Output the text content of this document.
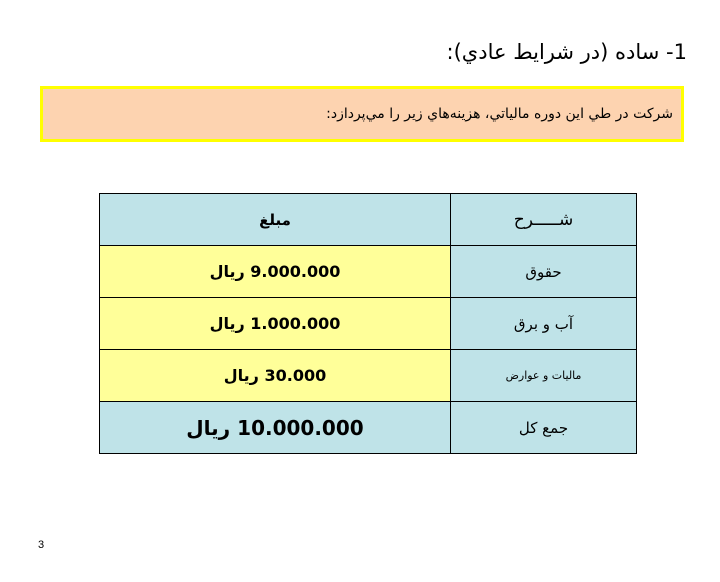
1- ساده (در شرايط عادي):
شركت در طي اين دوره مالياتي، هزينه‌هاي زير را مي‌پردازد:
شـــــرح	مبلغ
حقوق	9.000.000 ريال
آب و برق	1.000.000 ريال
ماليات و عوارض	30.000 ريال
جمع كل	10.000.000 ريال
3
